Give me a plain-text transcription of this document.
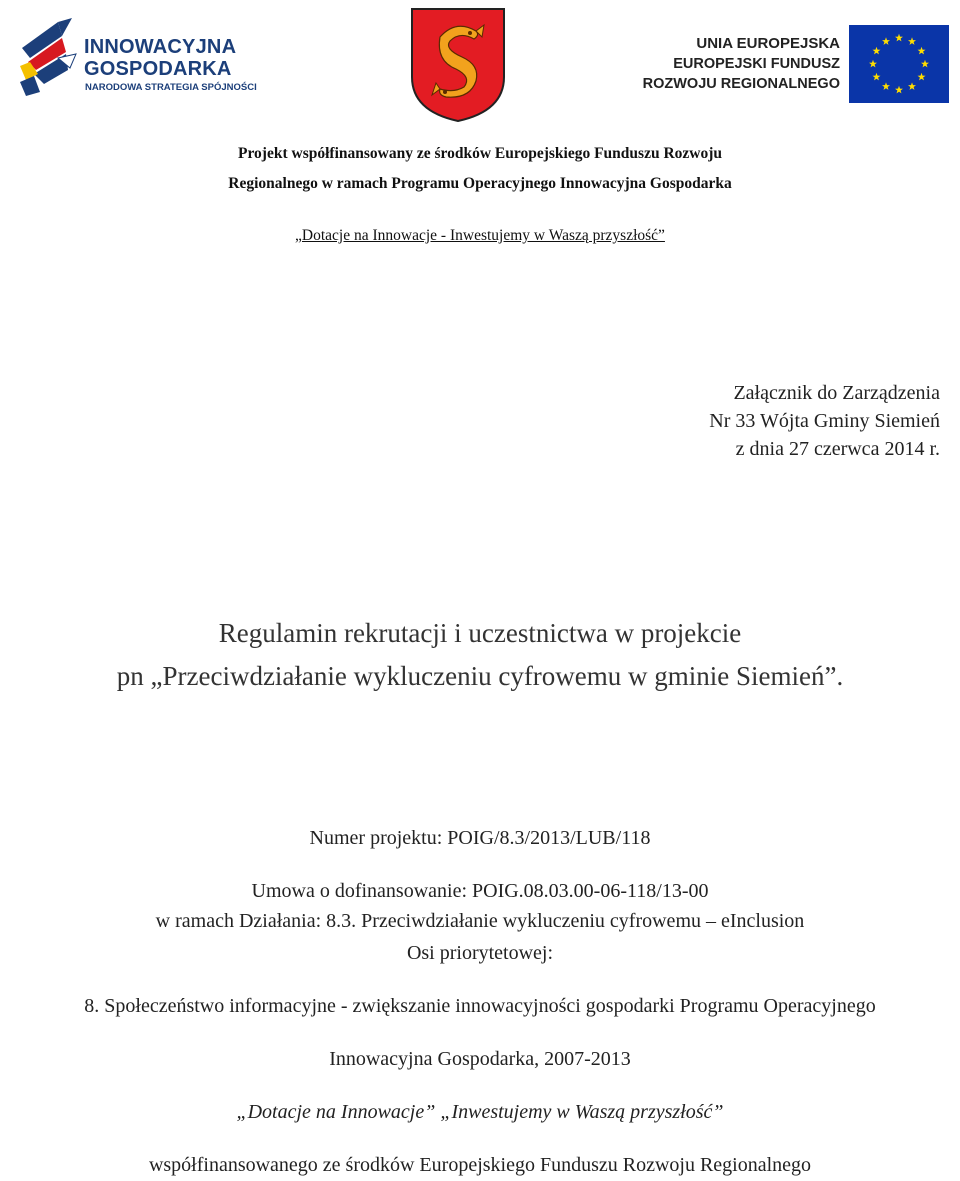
INNOWACYJNA
GOSPODARKA
NARODOWA STRATEGIA SPÓJNOŚCI
UNIA EUROPEJSKA
EUROPEJSKI FUNDUSZ
ROZWOJU REGIONALNEGO
Projekt współfinansowany ze środków Europejskiego Funduszu Rozwoju
Regionalnego w ramach Programu Operacyjnego Innowacyjna Gospodarka
„Dotacje na Innowacje - Inwestujemy w Waszą przyszłość”
Załącznik do Zarządzenia
Nr 33 Wójta Gminy Siemień
z dnia 27 czerwca 2014 r.
Regulamin rekrutacji i uczestnictwa w projekcie
pn „Przeciwdziałanie wykluczeniu cyfrowemu w gminie Siemień”.
Numer projektu: POIG/8.3/2013/LUB/118
Umowa o dofinansowanie: POIG.08.03.00-06-118/13-00
w ramach Działania: 8.3. Przeciwdziałanie wykluczeniu cyfrowemu – eInclusion
Osi priorytetowej:
8. Społeczeństwo informacyjne - zwiększanie innowacyjności gospodarki Programu Operacyjnego
Innowacyjna Gospodarka, 2007-2013
„Dotacje na Innowacje” „Inwestujemy w Waszą przyszłość”
współfinansowanego ze środków Europejskiego Funduszu Rozwoju Regionalnego
